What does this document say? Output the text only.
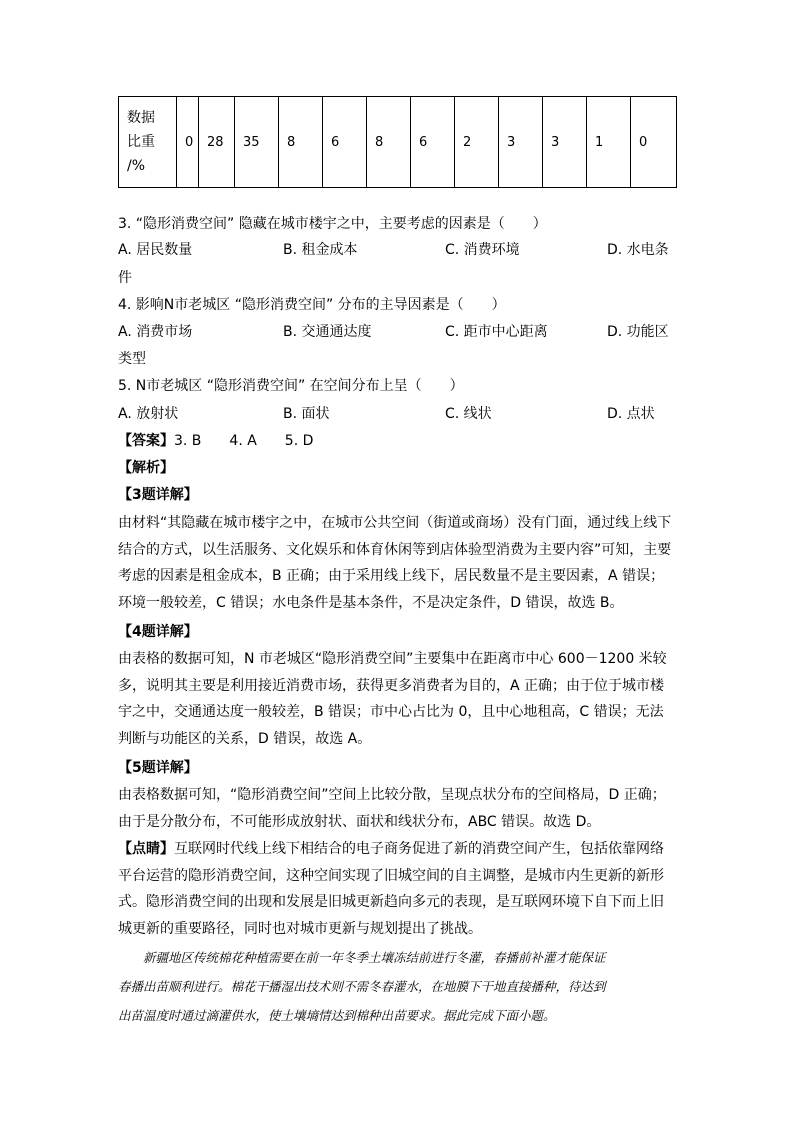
数据
比重
/%
	0	28	35	8	6	8	6	2	3	3	1	0
3. “隐形消费空间” 隐藏在城市楼宇之中，主要考虑的因素是（　　）
A. 居民数量	B. 租金成本	C. 消费环境	D. 水电条
件
4. 影响N市老城区 “隐形消费空间” 分布的主导因素是（　　）
A. 消费市场	B. 交通通达度	C. 距市中心距离	D. 功能区
类型
5. N市老城区 “隐形消费空间” 在空间分布上呈（　　）
A. 放射状	B. 面状	C. 线状	D. 点状
【答案】3. B　　4. A　　5. D
【解析】
【3题详解】
由材料“其隐藏在城市楼宇之中，在城市公共空间（街道或商场）没有门面，通过线上线下
结合的方式，以生活服务、文化娱乐和体育休闲等到店体验型消费为主要内容”可知，主要
考虑的因素是租金成本，B 正确；由于采用线上线下，居民数量不是主要因素，A 错误；
环境一般较差，C 错误；水电条件是基本条件，不是决定条件，D 错误，故选 B。
【4题详解】
由表格的数据可知，N 市老城区“隐形消费空间”主要集中在距离市中心 600－1200 米较
多，说明其主要是利用接近消费市场，获得更多消费者为目的，A 正确；由于位于城市楼
宇之中，交通通达度一般较差，B 错误；市中心占比为 0，且中心地租高，C 错误；无法
判断与功能区的关系，D 错误，故选 A。
【5题详解】
由表格数据可知，“隐形消费空间”空间上比较分散，呈现点状分布的空间格局，D 正确；
由于是分散分布，不可能形成放射状、面状和线状分布，ABC 错误。故选 D。
【点睛】互联网时代线上线下相结合的电子商务促进了新的消费空间产生，包括依靠网络
平台运营的隐形消费空间，这种空间实现了旧城空间的自主调整，是城市内生更新的新形
式。隐形消费空间的出现和发展是旧城更新趋向多元的表现，是互联网环境下自下而上旧
城更新的重要路径，同时也对城市更新与规划提出了挑战。
　　新疆地区传统棉花种植需要在前一年冬季土壤冻结前进行冬灌，春播前补灌才能保证
春播出苗顺利进行。棉花干播湿出技术则不需冬春灌水，在地膜下干地直接播种，待达到
出苗温度时通过滴灌供水，使土壤墒情达到棉种出苗要求。据此完成下面小题。
